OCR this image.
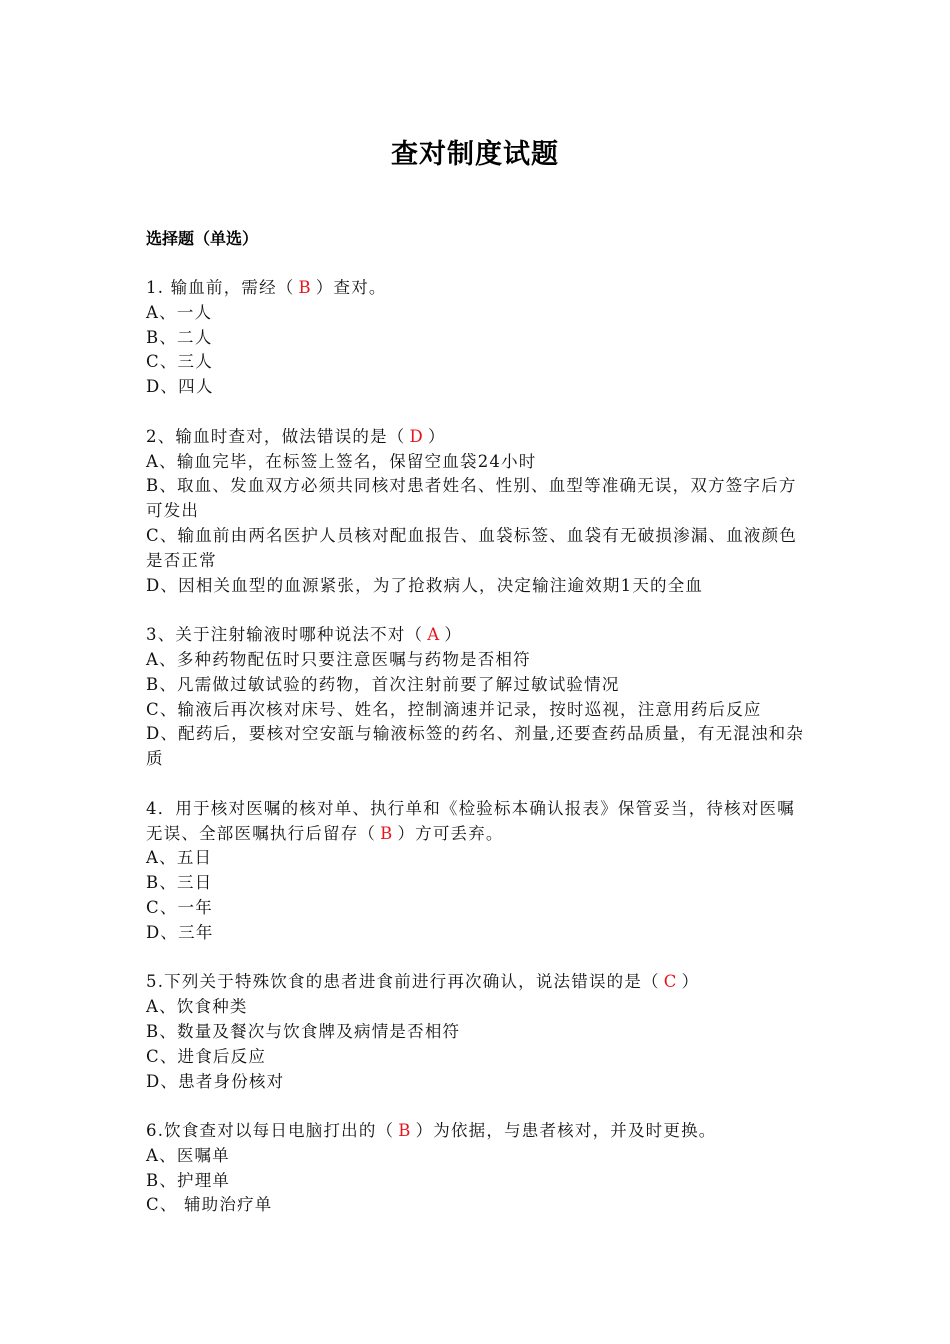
查对制度试题
选择题（单选）
1. 输血前，需经（ B ）查对。
A、一人
B、二人
C、三人
D、四人
2、输血时查对，做法错误的是（ D ）
A、输血完毕，在标签上签名，保留空血袋24小时
B、取血、发血双方必须共同核对患者姓名、性别、血型等准确无误，双方签字后方可发出
C、输血前由两名医护人员核对配血报告、血袋标签、血袋有无破损渗漏、血液颜色是否正常
D、因相关血型的血源紧张，为了抢救病人，决定输注逾效期1天的全血
3、关于注射输液时哪种说法不对（ A ）
A、多种药物配伍时只要注意医嘱与药物是否相符
B、凡需做过敏试验的药物，首次注射前要了解过敏试验情况
C、输液后再次核对床号、姓名，控制滴速并记录，按时巡视，注意用药后反应
D、配药后，要核对空安瓿与输液标签的药名、剂量,还要查药品质量，有无混浊和杂质
4．用于核对医嘱的核对单、执行单和《检验标本确认报表》保管妥当，待核对医嘱无误、全部医嘱执行后留存（ B ）方可丢弃。
A、五日
B、三日
C、一年
D、三年
5.下列关于特殊饮食的患者进食前进行再次确认，说法错误的是（ C ）
A、饮食种类
B、数量及餐次与饮食牌及病情是否相符
C、进食后反应
D、患者身份核对
6.饮食查对以每日电脑打出的（ B ）为依据，与患者核对，并及时更换。
A、医嘱单
B、护理单
C、 辅助治疗单
